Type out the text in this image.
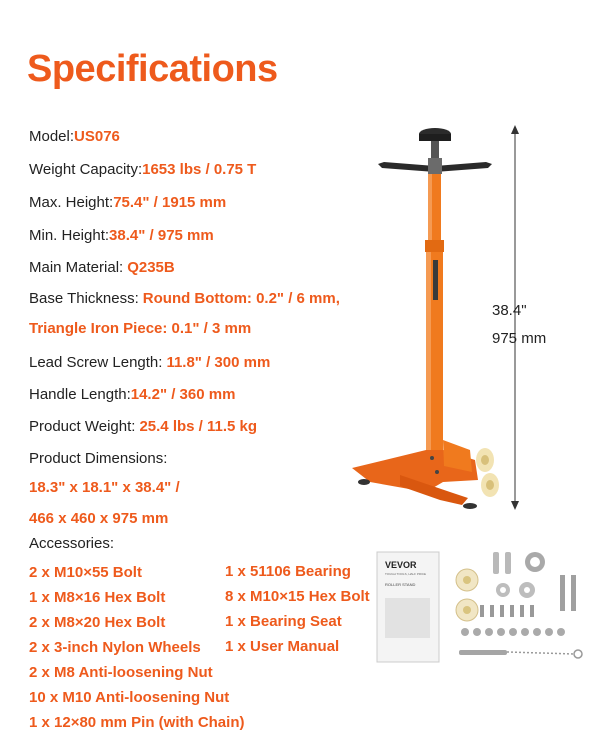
Specifications
Model:US076
Weight Capacity:1653 lbs / 0.75 T
Max. Height:75.4" / 1915 mm
Min. Height:38.4" / 975 mm
Main Material: Q235B
Base Thickness: Round Bottom: 0.2" / 6 mm,
Triangle Iron Piece: 0.1" / 3 mm
Lead Screw Length: 11.8" / 300 mm
Handle Length:14.2" / 360 mm
Product Weight: 25.4 lbs / 11.5 kg
Product Dimensions:
18.3" x 18.1" x 38.4" /
466 x 460 x 975 mm
38.4"
975 mm
Accessories:
2 x M10×55 Bolt
1 x M8×16 Hex Bolt
2 x M8×20 Hex Bolt
2 x 3-inch Nylon Wheels
2 x M8 Anti-loosening Nut
10 x M10 Anti-loosening Nut
1 x 12×80 mm Pin (with Chain)
1 x 51106 Bearing
8 x M10×15 Hex Bolt
1 x Bearing Seat
1 x User Manual
VEVOR
TOUGH TOOLS, HALF PRICE
ROLLER STAND
